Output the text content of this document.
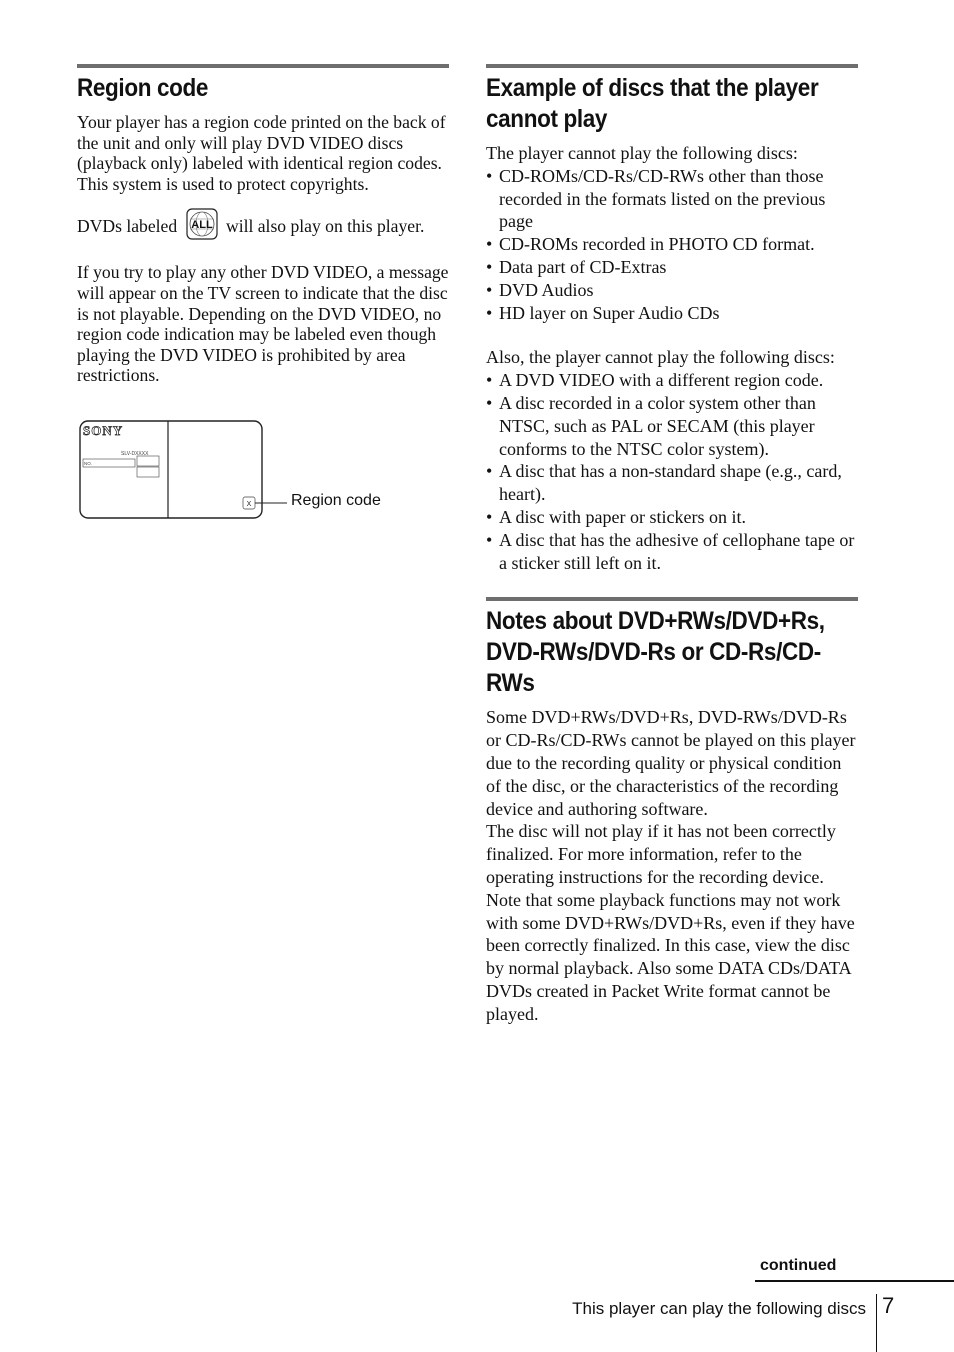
Region code

Your player has a region code printed on the back of the unit and only will play DVD VIDEO discs (playback only) labeled with identical region codes. This system is used to protect copyrights.

DVDs labeled ALL will also play on this player.

If you try to play any other DVD VIDEO, a message will appear on the TV screen to indicate that the disc is not playable. Depending on the DVD VIDEO, no region code indication may be labeled even though playing the DVD VIDEO is prohibited by area restrictions.

SONY
SLV-DXXXX
NO.
X Region code
Example of discs that the player
cannot play

The player cannot play the following discs:

• CD-ROMs/CD-Rs/CD-RWs other than those recorded in the formats listed on the previous page
• CD-ROMs recorded in PHOTO CD format.
• Data part of CD-Extras
• DVD Audios
• HD layer on Super Audio CDs

Also, the player cannot play the following discs:

• A DVD VIDEO with a different region code.
• A disc recorded in a color system other than NTSC, such as PAL or SECAM (this player conforms to the NTSC color system).
• A disc that has a non-standard shape (e.g., card, heart).
• A disc with paper or stickers on it.
• A disc that has the adhesive of cellophane tape or a sticker still left on it.
Notes about DVD+RWs/DVD+Rs,
DVD-RWs/DVD-Rs or CD-Rs/CD-
RWs

Some DVD+RWs/DVD+Rs, DVD-RWs/DVD-Rs or CD-Rs/CD-RWs cannot be played on this player due to the recording quality or physical condition of the disc, or the characteristics of the recording device and authoring software.

The disc will not play if it has not been correctly finalized. For more information, refer to the operating instructions for the recording device.

Note that some playback functions may not work with some DVD+RWs/DVD+Rs, even if they have been correctly finalized. In this case, view the disc by normal playback. Also some DATA CDs/DATA DVDs created in Packet Write format cannot be played.

continued
This player can play the following discs 7
